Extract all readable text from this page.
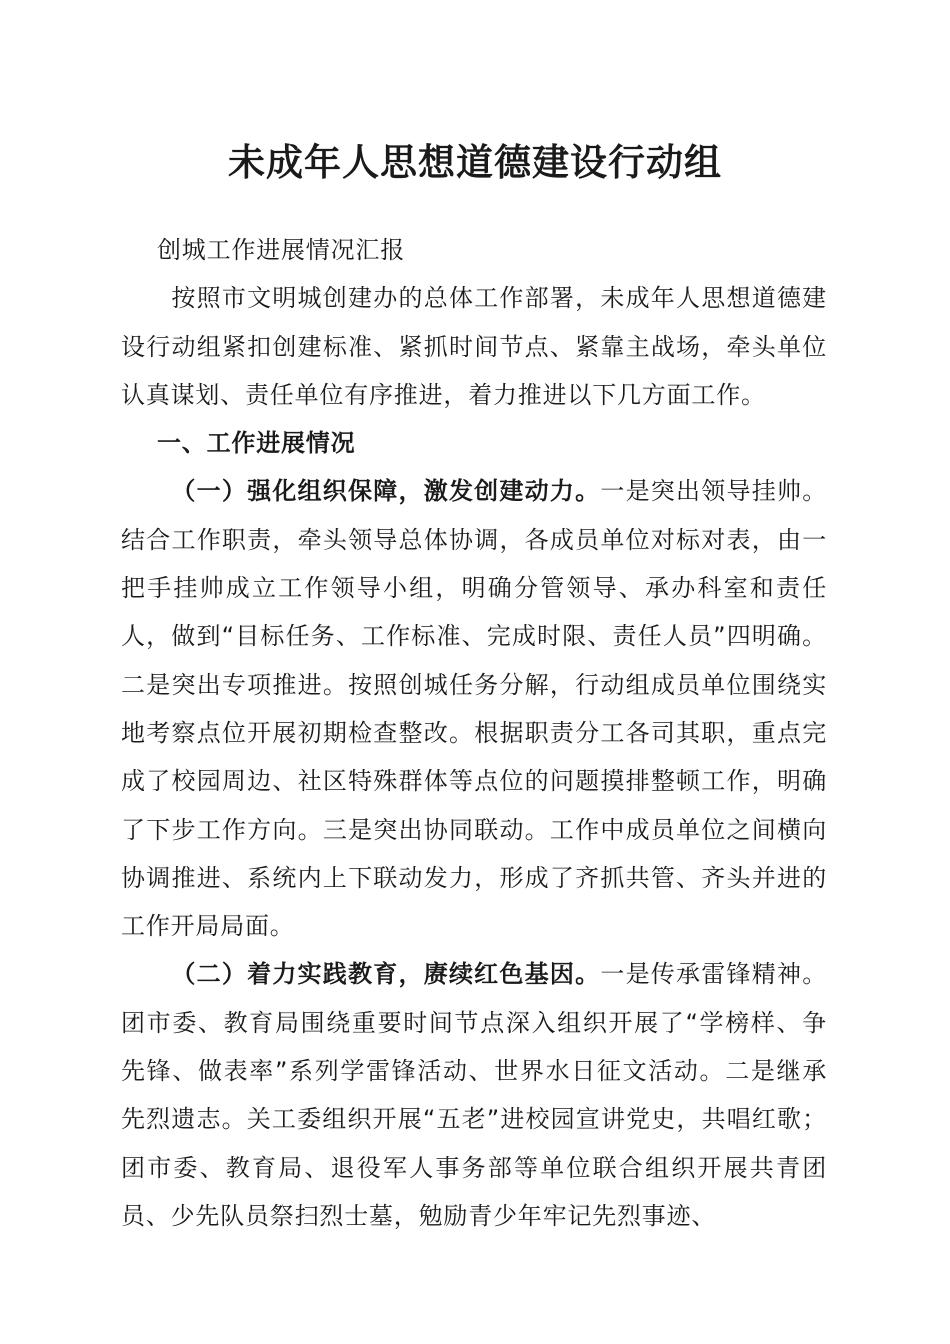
未成年人思想道德建设行动组

创城工作进展情况汇报

按照市文明城创建办的总体工作部署，未成年人思想道德建设行动组紧扣创建标准、紧抓时间节点、紧靠主战场，牵头单位认真谋划、责任单位有序推进，着力推进以下几方面工作。

一、工作进展情况

（一）强化组织保障，激发创建动力。一是突出领导挂帅。结合工作职责，牵头领导总体协调，各成员单位对标对表，由一把手挂帅成立工作领导小组，明确分管领导、承办科室和责任人，做到“目标任务、工作标准、完成时限、责任人员”四明确。二是突出专项推进。按照创城任务分解，行动组成员单位围绕实地考察点位开展初期检查整改。根据职责分工各司其职，重点完成了校园周边、社区特殊群体等点位的问题摸排整顿工作，明确了下步工作方向。三是突出协同联动。工作中成员单位之间横向协调推进、系统内上下联动发力，形成了齐抓共管、齐头并进的工作开局局面。

（二）着力实践教育，赓续红色基因。一是传承雷锋精神。团市委、教育局围绕重要时间节点深入组织开展了“学榜样、争先锋、做表率”系列学雷锋活动、世界水日征文活动。二是继承先烈遗志。关工委组织开展“五老”进校园宣讲党史，共唱红歌；团市委、教育局、退役军人事务部等单位联合组织开展共青团员、少先队员祭扫烈士墓，勉励青少年牢记先烈事迹、
